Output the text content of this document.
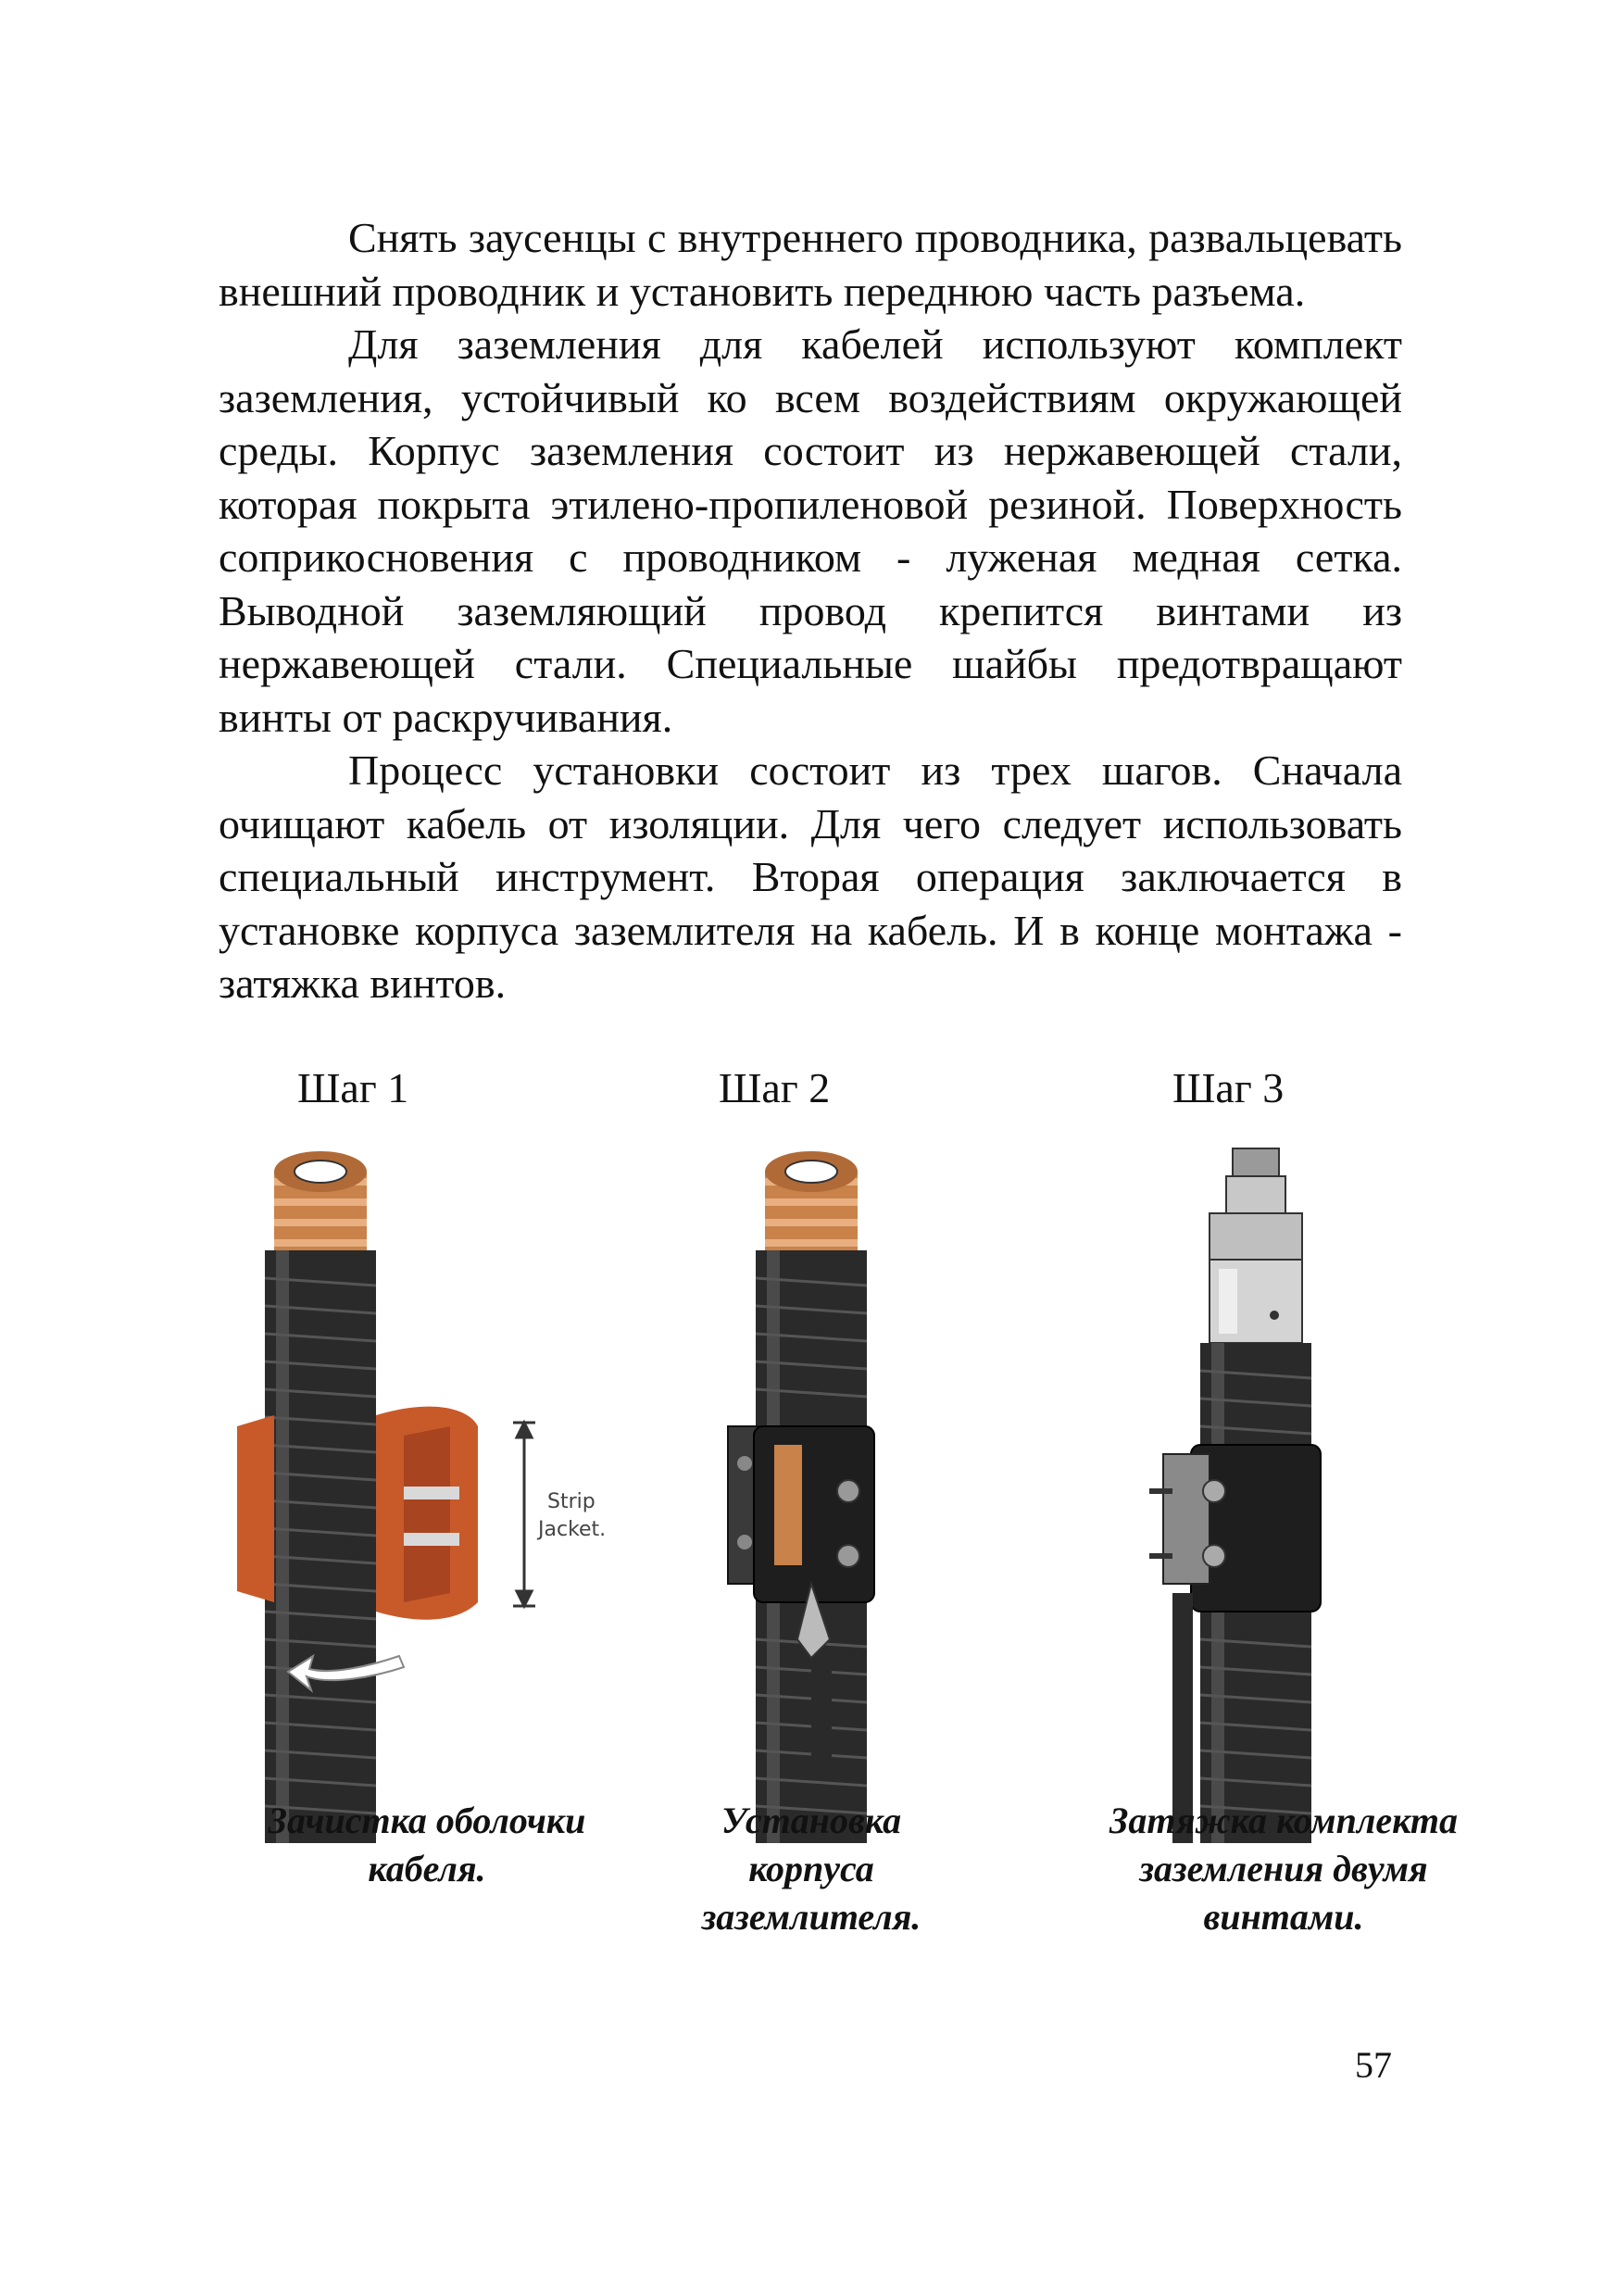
Снять заусенцы с внутреннего проводника, развальцевать внешний проводник и установить переднюю часть разъема.

Для заземления для кабелей используют комплект заземления, устойчивый ко всем воздействиям окружающей среды. Корпус заземления состоит из нержавеющей стали, которая покрыта этилено-пропиленовой резиной. Поверхность соприкосновения с проводником - луженая медная сетка. Выводной заземляющий провод крепится винтами из нержавеющей стали. Специальные шайбы предотвращают винты от раскручивания.

Процесс установки состоит из трех шагов. Сначала очищают кабель от изоляции. Для чего следует использовать специальный инструмент. Вторая операция заключается в установке корпуса заземлителя на кабель. И в конце монтажа - затяжка винтов.

Шаг 1
Strip
Jacket.
Зачистка оболочки
кабеля.
Шаг 2
Установка
корпуса
заземлителя.
Шаг 3
Затяжка комплекта
заземления двумя
винтами.
57
